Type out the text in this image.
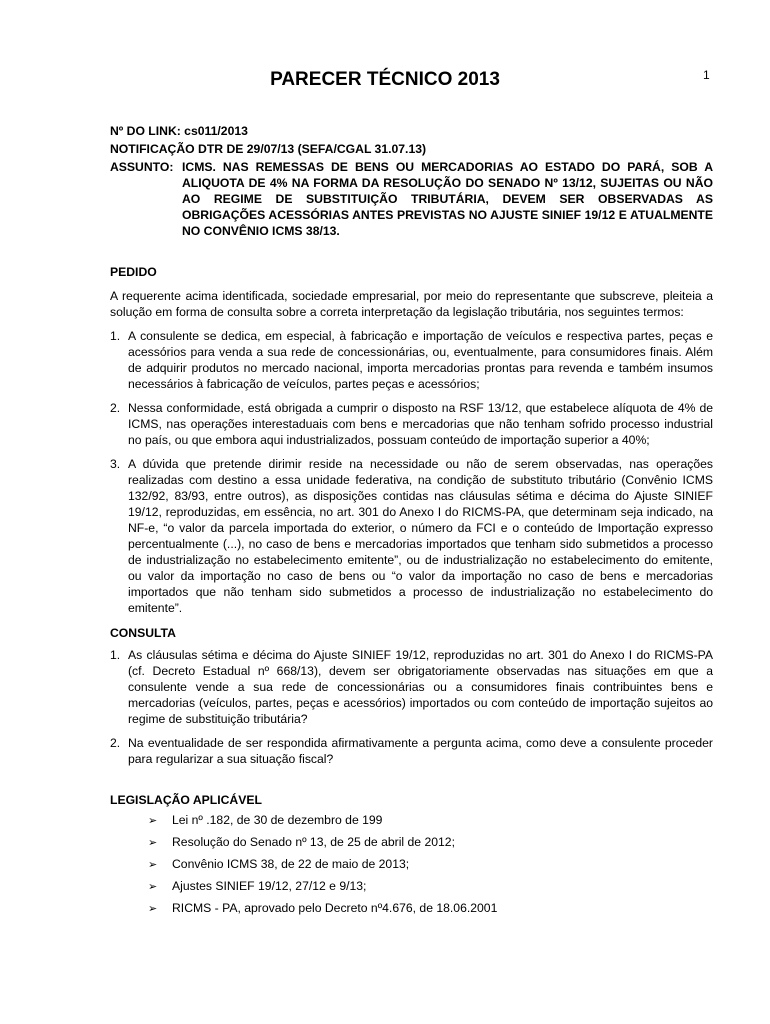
1
PARECER TÉCNICO 2013

Nº DO LINK: cs011/2013

NOTIFICAÇÃO DTR DE 29/07/13 (SEFA/CGAL 31.07.13)

ASSUNTO: ICMS. NAS REMESSAS DE BENS OU MERCADORIAS AO ESTADO DO PARÁ, SOB A ALIQUOTA DE 4% NA FORMA DA RESOLUÇÃO DO SENADO Nº 13/12, SUJEITAS OU NÃO AO REGIME DE SUBSTITUIÇÃO TRIBUTÁRIA, DEVEM SER OBSERVADAS AS OBRIGAÇÕES ACESSÓRIAS ANTES PREVISTAS NO AJUSTE SINIEF 19/12 E ATUALMENTE NO CONVÊNIO ICMS 38/13.

PEDIDO

A requerente acima identificada, sociedade empresarial, por meio do representante que subscreve, pleiteia a solução em forma de consulta sobre a correta interpretação da legislação tributária, nos seguintes termos:

1. A consulente se dedica, em especial, à fabricação e importação de veículos e respectiva partes, peças e acessórios para venda a sua rede de concessionárias, ou, eventualmente, para consumidores finais. Além de adquirir produtos no mercado nacional, importa mercadorias prontas para revenda e também insumos necessários à fabricação de veículos, partes peças e acessórios;
2. Nessa conformidade, está obrigada a cumprir o disposto na RSF 13/12, que estabelece alíquota de 4% de ICMS, nas operações interestaduais com bens e mercadorias que não tenham sofrido processo industrial no país, ou que embora aqui industrializados, possuam conteúdo de importação superior a 40%;
3. A dúvida que pretende dirimir reside na necessidade ou não de serem observadas, nas operações realizadas com destino a essa unidade federativa, na condição de substituto tributário (Convênio ICMS 132/92, 83/93, entre outros), as disposições contidas nas cláusulas sétima e décima do Ajuste SINIEF 19/12, reproduzidas, em essência, no art. 301 do Anexo I do RICMS-PA, que determinam seja indicado, na NF-e, “o valor da parcela importada do exterior, o número da FCI e o conteúdo de Importação expresso percentualmente (...), no caso de bens e mercadorias importados que tenham sido submetidos a processo de industrialização no estabelecimento emitente”, ou de industrialização no estabelecimento do emitente, ou valor da importação no caso de bens ou “o valor da importação no caso de bens e mercadorias importados que não tenham sido submetidos a processo de industrialização no estabelecimento do emitente”.

CONSULTA

1. As cláusulas sétima e décima do Ajuste SINIEF 19/12, reproduzidas no art. 301 do Anexo I do RICMS-PA (cf. Decreto Estadual nº 668/13), devem ser obrigatoriamente observadas nas situações em que a consulente vende a sua rede de concessionárias ou a consumidores finais contribuintes bens e mercadorias (veículos, partes, peças e acessórios) importados ou com conteúdo de importação sujeitos ao regime de substituição tributária?
2. Na eventualidade de ser respondida afirmativamente a pergunta acima, como deve a consulente proceder para regularizar a sua situação fiscal?

LEGISLAÇÃO APLICÁVEL

➢	Lei nº .182, de 30 de dezembro de 199
➢	Resolução do Senado nº 13, de 25 de abril de 2012;
➢	Convênio ICMS 38, de 22 de maio de 2013;
➢	Ajustes SINIEF 19/12, 27/12 e 9/13;
➢	RICMS - PA, aprovado pelo Decreto nº4.676, de 18.06.2001
